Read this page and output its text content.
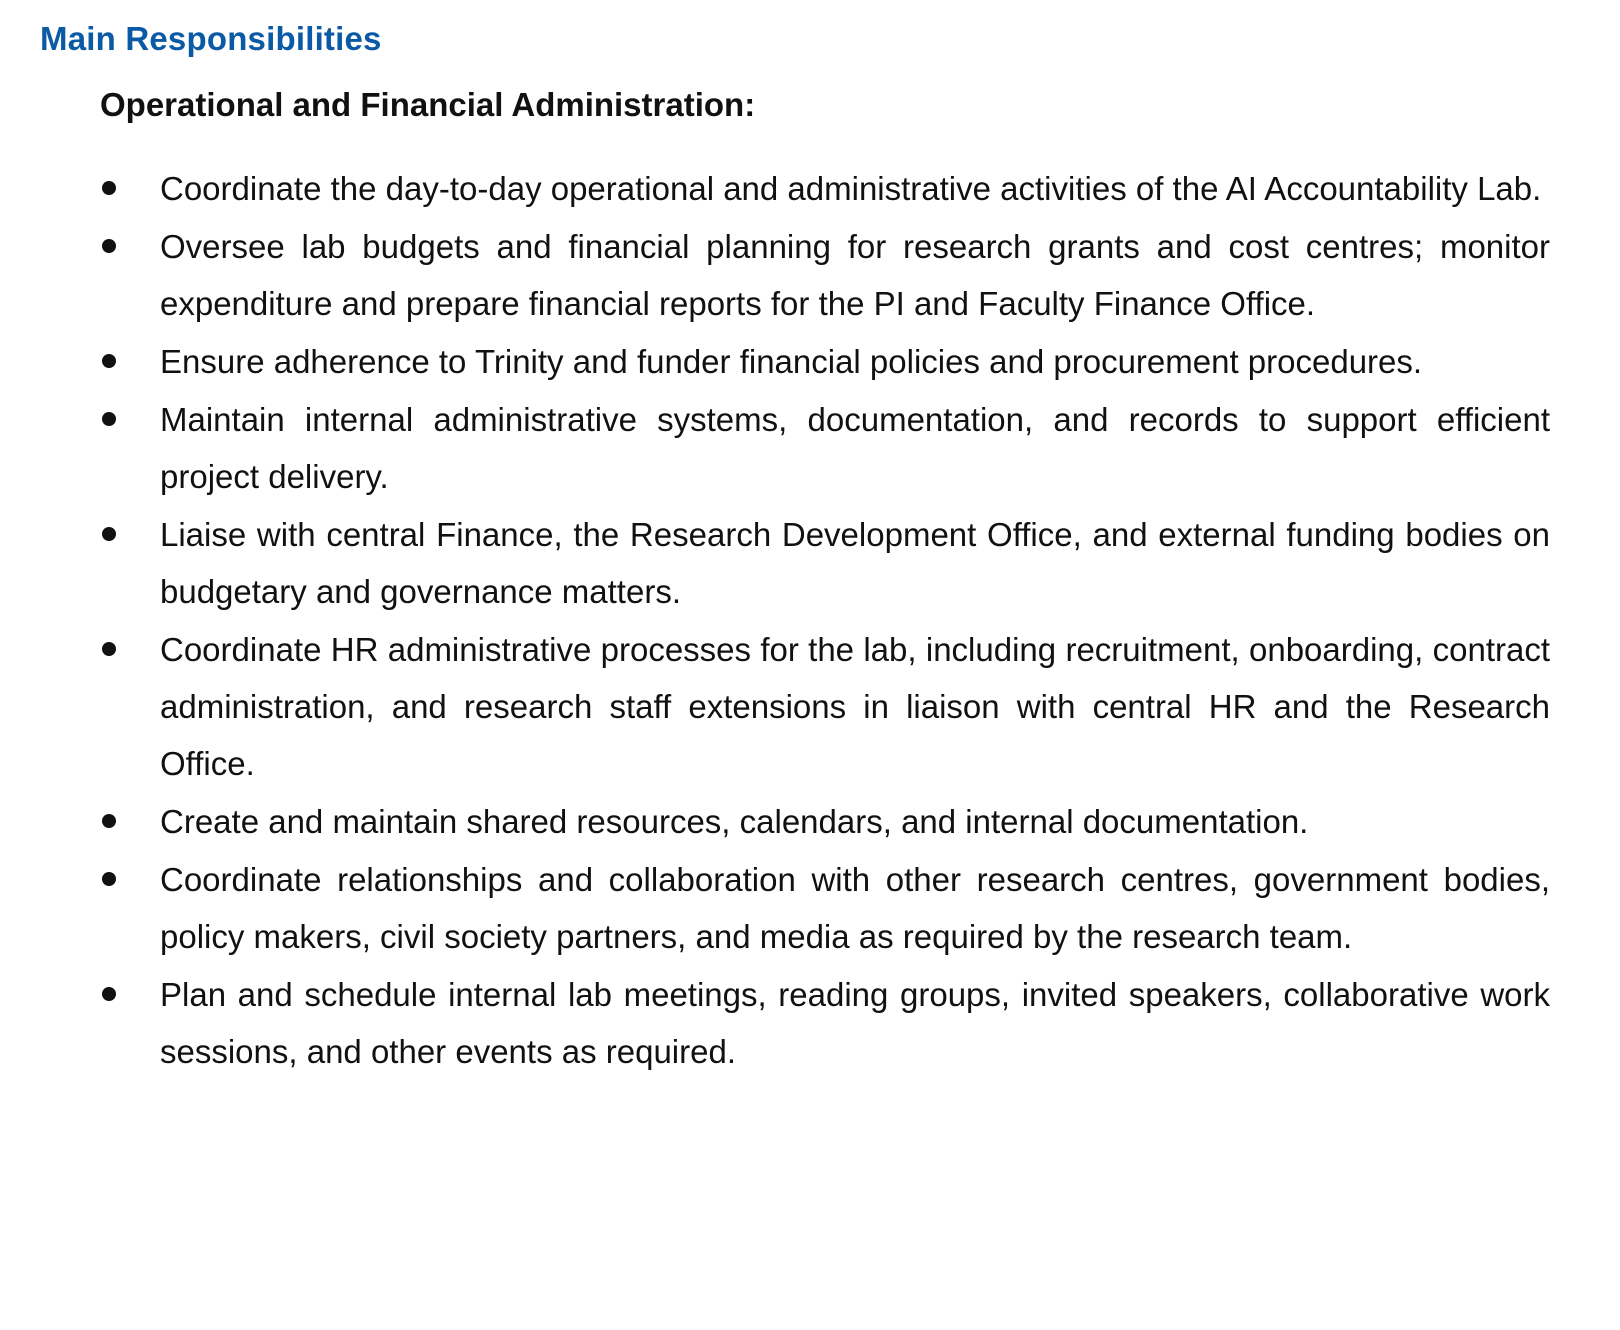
Main Responsibilities
Operational and Financial Administration:
Coordinate the day-to-day operational and administrative activities of the AI Accountability Lab.
Oversee lab budgets and financial planning for research grants and cost centres; monitor expenditure and prepare financial reports for the PI and Faculty Finance Office.
Ensure adherence to Trinity and funder financial policies and procurement procedures.
Maintain internal administrative systems, documentation, and records to support efficient project delivery.
Liaise with central Finance, the Research Development Office, and external funding bodies on budgetary and governance matters.
Coordinate HR administrative processes for the lab, including recruitment, onboarding, contract administration, and research staff extensions in liaison with central HR and the Research Office.
Create and maintain shared resources, calendars, and internal documentation.
Coordinate relationships and collaboration with other research centres, government bodies, policy makers, civil society partners, and media as required by the research team.
Plan and schedule internal lab meetings, reading groups, invited speakers, collaborative work sessions, and other events as required.
